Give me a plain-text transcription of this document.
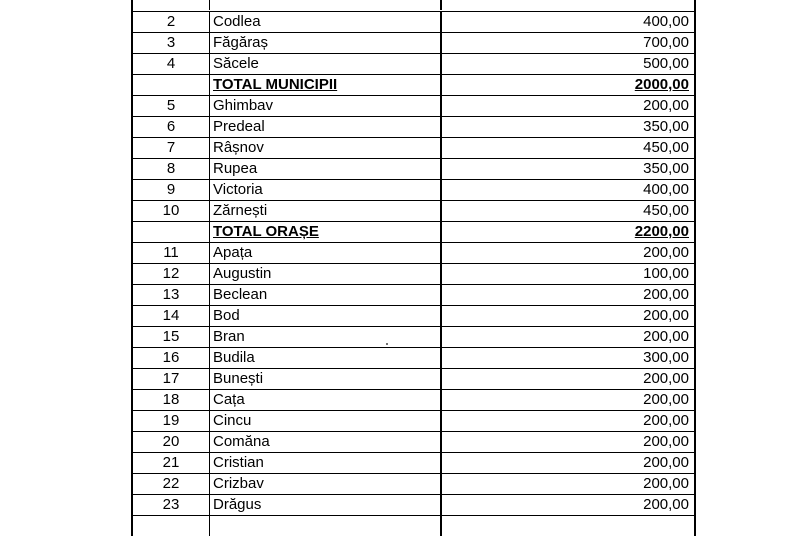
2	Codlea	400,00
3	Făgăraș	700,00
4	Săcele	500,00
TOTAL MUNICIPII	2000,00
5	Ghimbav	200,00
6	Predeal	350,00
7	Râșnov	450,00
8	Rupea	350,00
9	Victoria	400,00
10	Zărnești	450,00
TOTAL ORAȘE	2200,00
11	Apața	200,00
12	Augustin	100,00
13	Beclean	200,00
14	Bod	200,00
15	Bran	200,00
16	Budila	300,00
17	Bunești	200,00
18	Cața	200,00
19	Cincu	200,00
20	Comăna	200,00
21	Cristian	200,00
22	Crizbav	200,00
23	Drăgus	200,00
